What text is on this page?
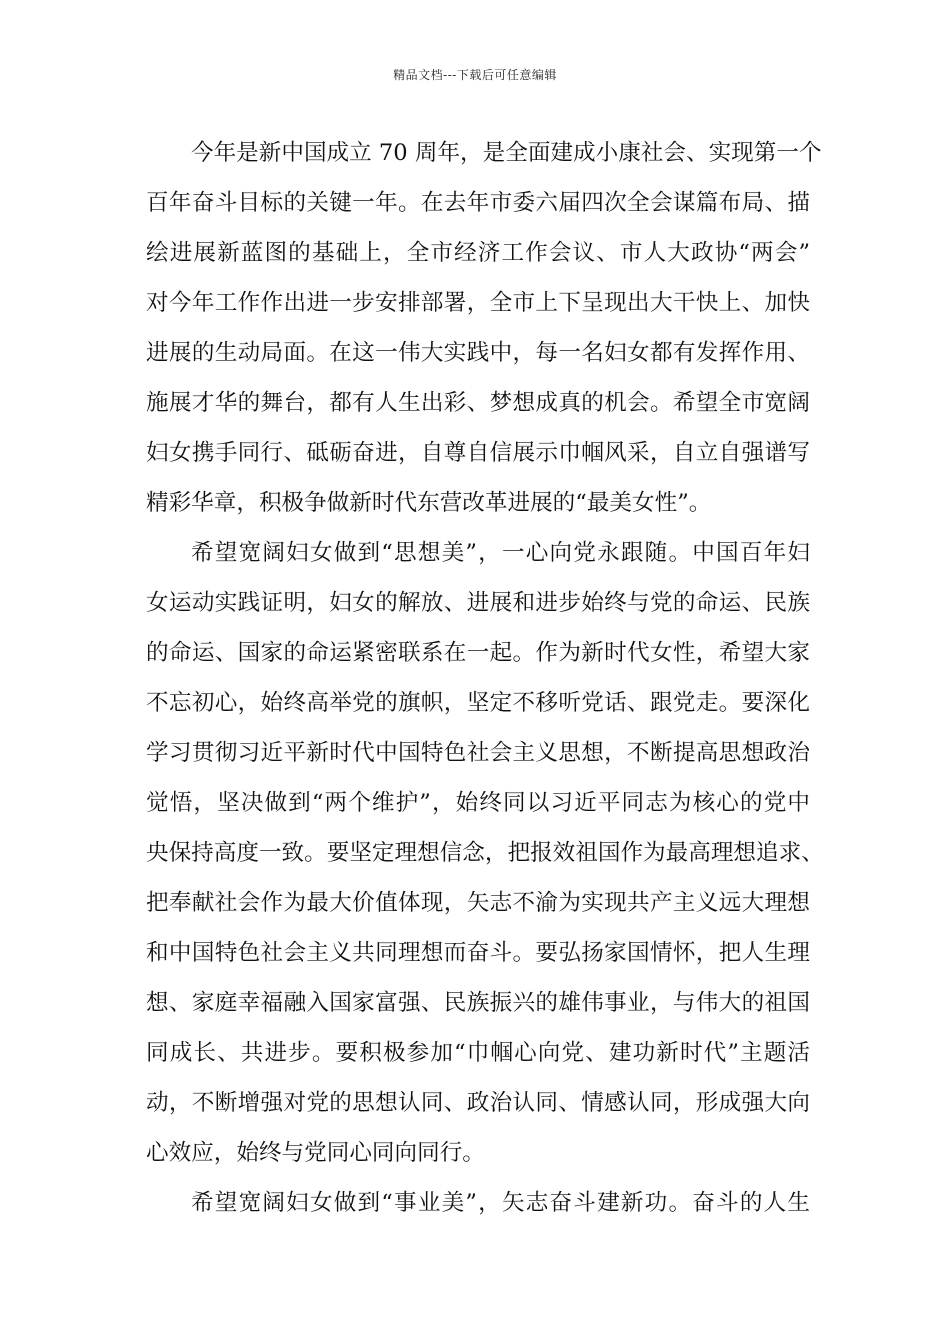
精品文档---下载后可任意编辑
今年是新中国成立 70 周年，是全面建成小康社会、实现第一个
百年奋斗目标的关键一年。在去年市委六届四次全会谋篇布局、描
绘进展新蓝图的基础上，全市经济工作会议、市人大政协“两会”
对今年工作作出进一步安排部署，全市上下呈现出大干快上、加快
进展的生动局面。在这一伟大实践中，每一名妇女都有发挥作用、
施展才华的舞台，都有人生出彩、梦想成真的机会。希望全市宽阔
妇女携手同行、砥砺奋进，自尊自信展示巾帼风采，自立自强谱写
精彩华章，积极争做新时代东营改革进展的“最美女性”。
希望宽阔妇女做到“思想美”，一心向党永跟随。中国百年妇
女运动实践证明，妇女的解放、进展和进步始终与党的命运、民族
的命运、国家的命运紧密联系在一起。作为新时代女性，希望大家
不忘初心，始终高举党的旗帜，坚定不移听党话、跟党走。要深化
学习贯彻习近平新时代中国特色社会主义思想，不断提高思想政治
觉悟，坚决做到“两个维护”，始终同以习近平同志为核心的党中
央保持高度一致。要坚定理想信念，把报效祖国作为最高理想追求、
把奉献社会作为最大价值体现，矢志不渝为实现共产主义远大理想
和中国特色社会主义共同理想而奋斗。要弘扬家国情怀，把人生理
想、家庭幸福融入国家富强、民族振兴的雄伟事业，与伟大的祖国
同成长、共进步。要积极参加“巾帼心向党、建功新时代”主题活
动，不断增强对党的思想认同、政治认同、情感认同，形成强大向
心效应，始终与党同心同向同行。
希望宽阔妇女做到“事业美”，矢志奋斗建新功。奋斗的人生
